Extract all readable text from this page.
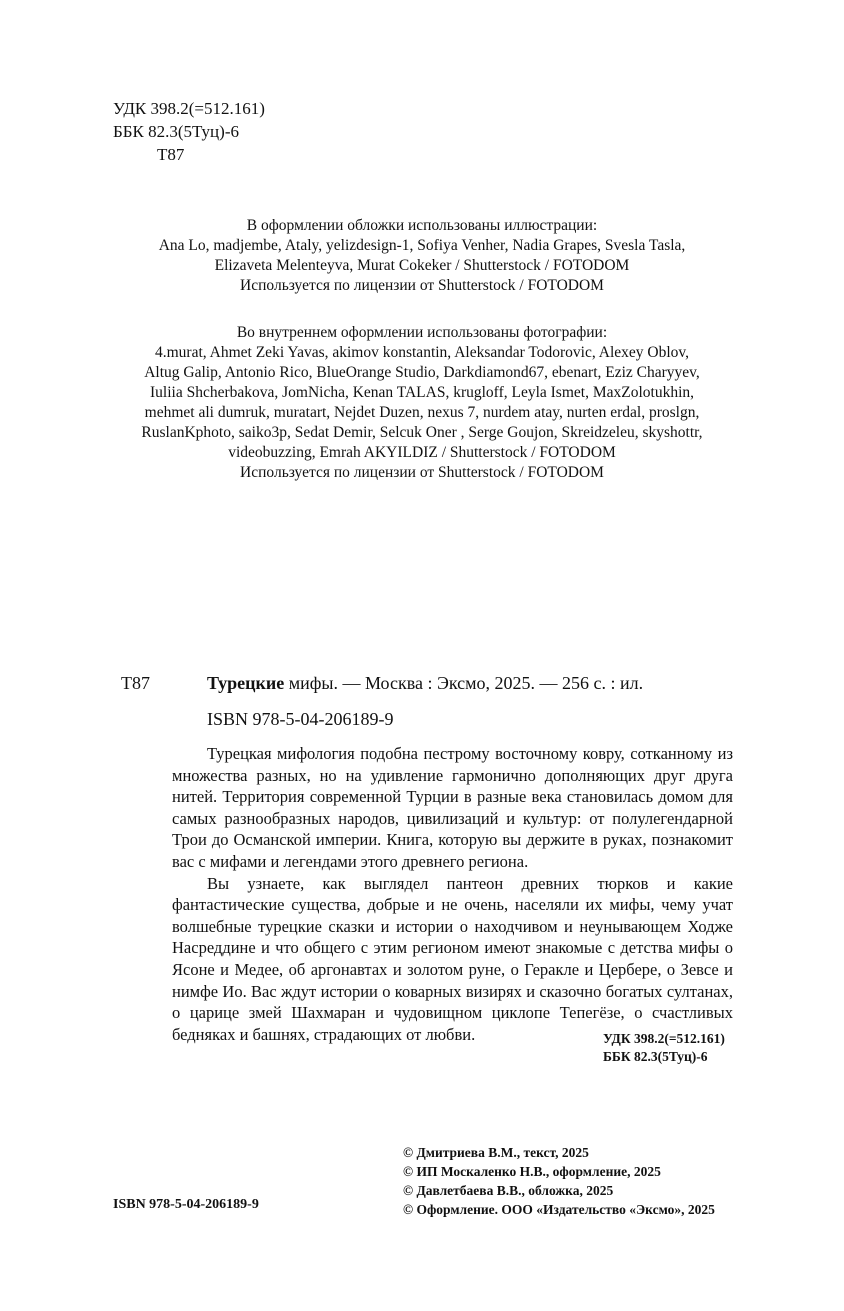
УДК 398.2(=512.161)
ББК 82.3(5Туц)-6
Т87
В оформлении обложки использованы иллюстрации:
Ana Lo, madjembe, Ataly, yelizdesign-1, Sofiya Venher, Nadia Grapes, Svesla Tasla,
Elizaveta Melenteyva, Murat Cokeker / Shutterstock / FOTODOM
Используется по лицензии от Shutterstock / FOTODOM
Во внутреннем оформлении использованы фотографии:
4.murat, Ahmet Zeki Yavas, akimov konstantin, Aleksandar Todorovic, Alexey Oblov,
Altug Galip, Antonio Rico, BlueOrange Studio, Darkdiamond67, ebenart, Eziz Charyyev,
Iuliia Shcherbakova, JomNicha, Kenan TALAS, krugloff, Leyla Ismet, MaxZolotukhin,
mehmet ali dumruk, muratart, Nejdet Duzen, nexus 7, nurdem atay, nurten erdal, proslgn,
RuslanKphoto, saiko3p, Sedat Demir, Selcuk Oner , Serge Goujon, Skreidzeleu, skyshottr,
videobuzzing, Emrah AKYILDIZ / Shutterstock / FOTODOM
Используется по лицензии от Shutterstock / FOTODOM
Т87	Турецкие мифы. — Москва : Эксмо, 2025. — 256 с. : ил.
ISBN 978-5-04-206189-9

Турецкая мифология подобна пестрому восточному ковру, сотканному из множества разных, но на удивление гармонично дополняющих друг друга нитей. Территория современной Турции в разные века становилась домом для самых разнообразных народов, цивилизаций и культур: от полулегендарной Трои до Османской империи. Книга, которую вы держите в руках, познакомит вас с мифами и легендами этого древнего региона.

Вы узнаете, как выглядел пантеон древних тюрков и какие фантастические существа, добрые и не очень, населяли их мифы, чему учат волшебные турецкие сказки и истории о находчивом и неунывающем Ходже Насреддине и что общего с этим регионом имеют знакомые с детства мифы о Ясоне и Медее, об аргонавтах и золотом руне, о Геракле и Цербере, о Зевсе и нимфе Ио. Вас ждут истории о коварных визирях и сказочно богатых султанах, о царице змей Шахмаран и чудовищном циклопе Тепегёзе, о счастливых бедняках и башнях, страдающих от любви.	УДК 398.2(=512.161)
ББК 82.3(5Туц)-6
© Дмитриева В.М., текст, 2025
© ИП Москаленко Н.В., оформление, 2025
© Давлетбаева В.В., обложка, 2025
© Оформление. ООО «Издательство «Эксмо», 2025
ISBN 978-5-04-206189-9
